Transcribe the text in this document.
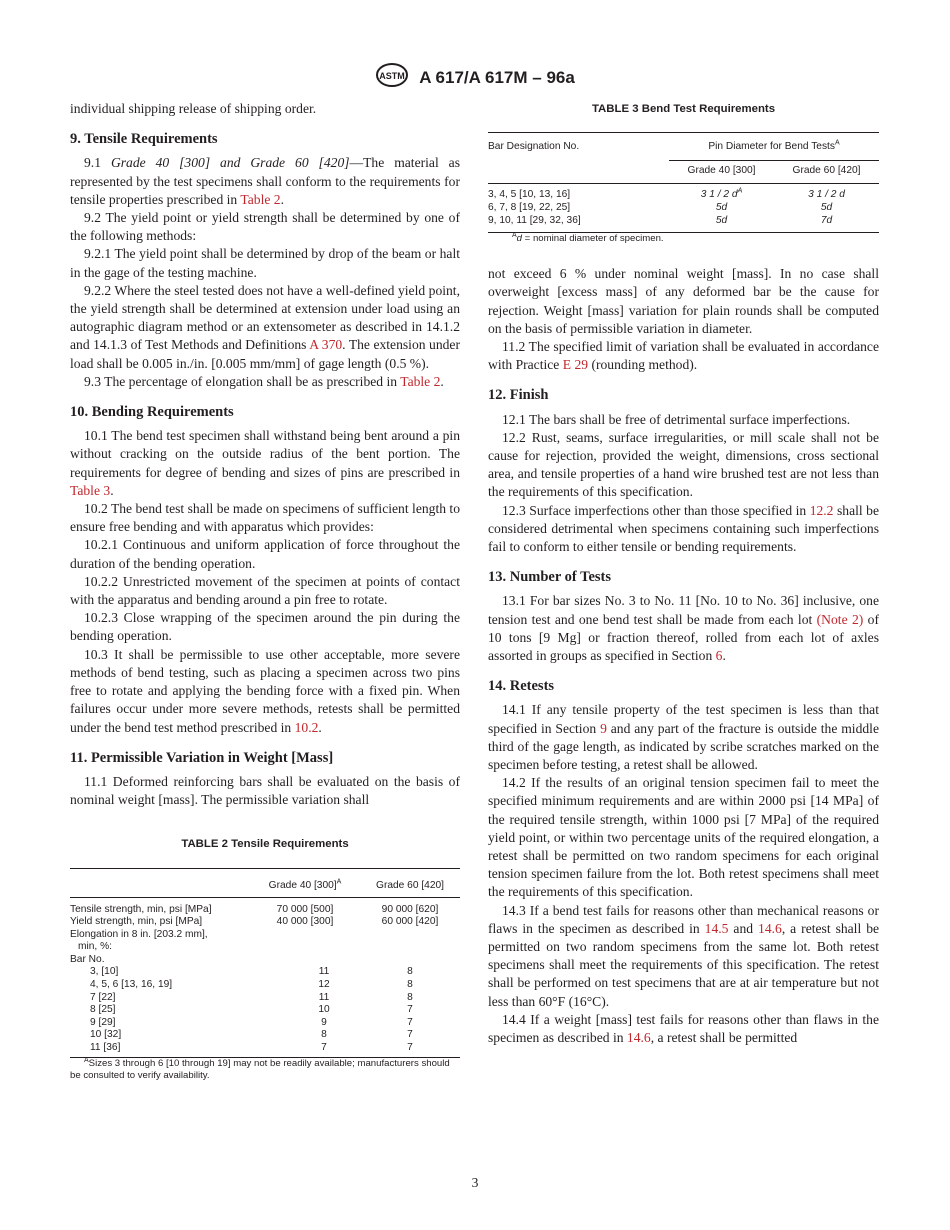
ASTM A 617/A 617M – 96a

individual shipping release of shipping order.

9. Tensile Requirements

9.1 Grade 40 [300] and Grade 60 [420]—The material as represented by the test specimens shall conform to the requirements for tensile properties prescribed in Table 2.

9.2 The yield point or yield strength shall be determined by one of the following methods:

9.2.1 The yield point shall be determined by drop of the beam or halt in the gage of the testing machine.

9.2.2 Where the steel tested does not have a well-defined yield point, the yield strength shall be determined at extension under load using an autographic diagram method or an extensometer as described in 14.1.2 and 14.1.3 of Test Methods and Definitions A 370. The extension under load shall be 0.005 in./in. [0.005 mm/mm] of gage length (0.5 %).

9.3 The percentage of elongation shall be as prescribed in Table 2.

10. Bending Requirements

10.1 The bend test specimen shall withstand being bent around a pin without cracking on the outside radius of the bent portion. The requirements for degree of bending and sizes of pins are prescribed in Table 3.

10.2 The bend test shall be made on specimens of sufficient length to ensure free bending and with apparatus which provides:

10.2.1 Continuous and uniform application of force throughout the duration of the bending operation.

10.2.2 Unrestricted movement of the specimen at points of contact with the apparatus and bending around a pin free to rotate.

10.2.3 Close wrapping of the specimen around the pin during the bending operation.

10.3 It shall be permissible to use other acceptable, more severe methods of bend testing, such as placing a specimen across two pins free to rotate and applying the bending force with a fixed pin. When failures occur under more severe methods, retests shall be permitted under the bend test method prescribed in 10.2.

11. Permissible Variation in Weight [Mass]

11.1 Deformed reinforcing bars shall be evaluated on the basis of nominal weight [mass]. The permissible variation shall

TABLE 2 Tensile Requirements
	Grade 40 $[300]^A$	Grade 60 [420]
Tensile strength, min, psi [MPa]	70 000 [500]	90 000 [620]
Yield strength, min, psi [MPa]	40 000 [300]	60 000 [420]
Elongation in 8 in. [203.2 mm],		
min, %:		
Bar No.		
3, [10]	11	8
4, 5, 6 [13, 16, 19]	12	8
7 [22]	11	8
8 [25]	10	7
9 [29]	9	7
10 [32]	8	7
11 [36]	7	7

$^A$Sizes 3 through 6 [10 through 19] may not be readily available; manufacturers should be consulted to verify availability.

TABLE 3 Bend Test Requirements
Bar Designation No.	Pin Diameter for Bend Tests$^A$
	Grade 40 [300]	Grade 60 [420]
3, 4, 5 [10, 13, 16]	3 1 / 2 $d^A$	3 1 / 2 d
6, 7, 8 [19, 22, 25]	5d	5d
9, 10, 11 [29, 32, 36]	5d	7d

$^A$d = nominal diameter of specimen.

not exceed 6 % under nominal weight [mass]. In no case shall overweight [excess mass] of any deformed bar be the cause for rejection. Weight [mass] variation for plain rounds shall be computed on the basis of permissible variation in diameter.

11.2 The specified limit of variation shall be evaluated in accordance with Practice E 29 (rounding method).

12. Finish

12.1 The bars shall be free of detrimental surface imperfections.

12.2 Rust, seams, surface irregularities, or mill scale shall not be cause for rejection, provided the weight, dimensions, cross sectional area, and tensile properties of a hand wire brushed test are not less than the requirements of this specification.

12.3 Surface imperfections other than those specified in 12.2 shall be considered detrimental when specimens containing such imperfections fail to conform to either tensile or bending requirements.

13. Number of Tests

13.1 For bar sizes No. 3 to No. 11 [No. 10 to No. 36] inclusive, one tension test and one bend test shall be made from each lot (Note 2) of 10 tons [9 Mg] or fraction thereof, rolled from each lot of axles assorted in groups as specified in Section 6.

14. Retests

14.1 If any tensile property of the test specimen is less than that specified in Section 9 and any part of the fracture is outside the middle third of the gage length, as indicated by scribe scratches marked on the specimen before testing, a retest shall be allowed.

14.2 If the results of an original tension specimen fail to meet the specified minimum requirements and are within 2000 psi [14 MPa] of the required tensile strength, within 1000 psi [7 MPa] of the required yield point, or within two percentage units of the required elongation, a retest shall be permitted on two random specimens for each original tension specimen failure from the lot. Both retest specimens shall meet the requirements of this specification.

14.3 If a bend test fails for reasons other than mechanical reasons or flaws in the specimen as described in 14.5 and 14.6, a retest shall be permitted on two random specimens from the same lot. Both retest specimens shall meet the requirements of this specification. The retest shall be performed on test specimens that are at air temperature but not less than 60°F (16°C).

14.4 If a weight [mass] test fails for reasons other than flaws in the specimen as described in 14.6, a retest shall be permitted

3
